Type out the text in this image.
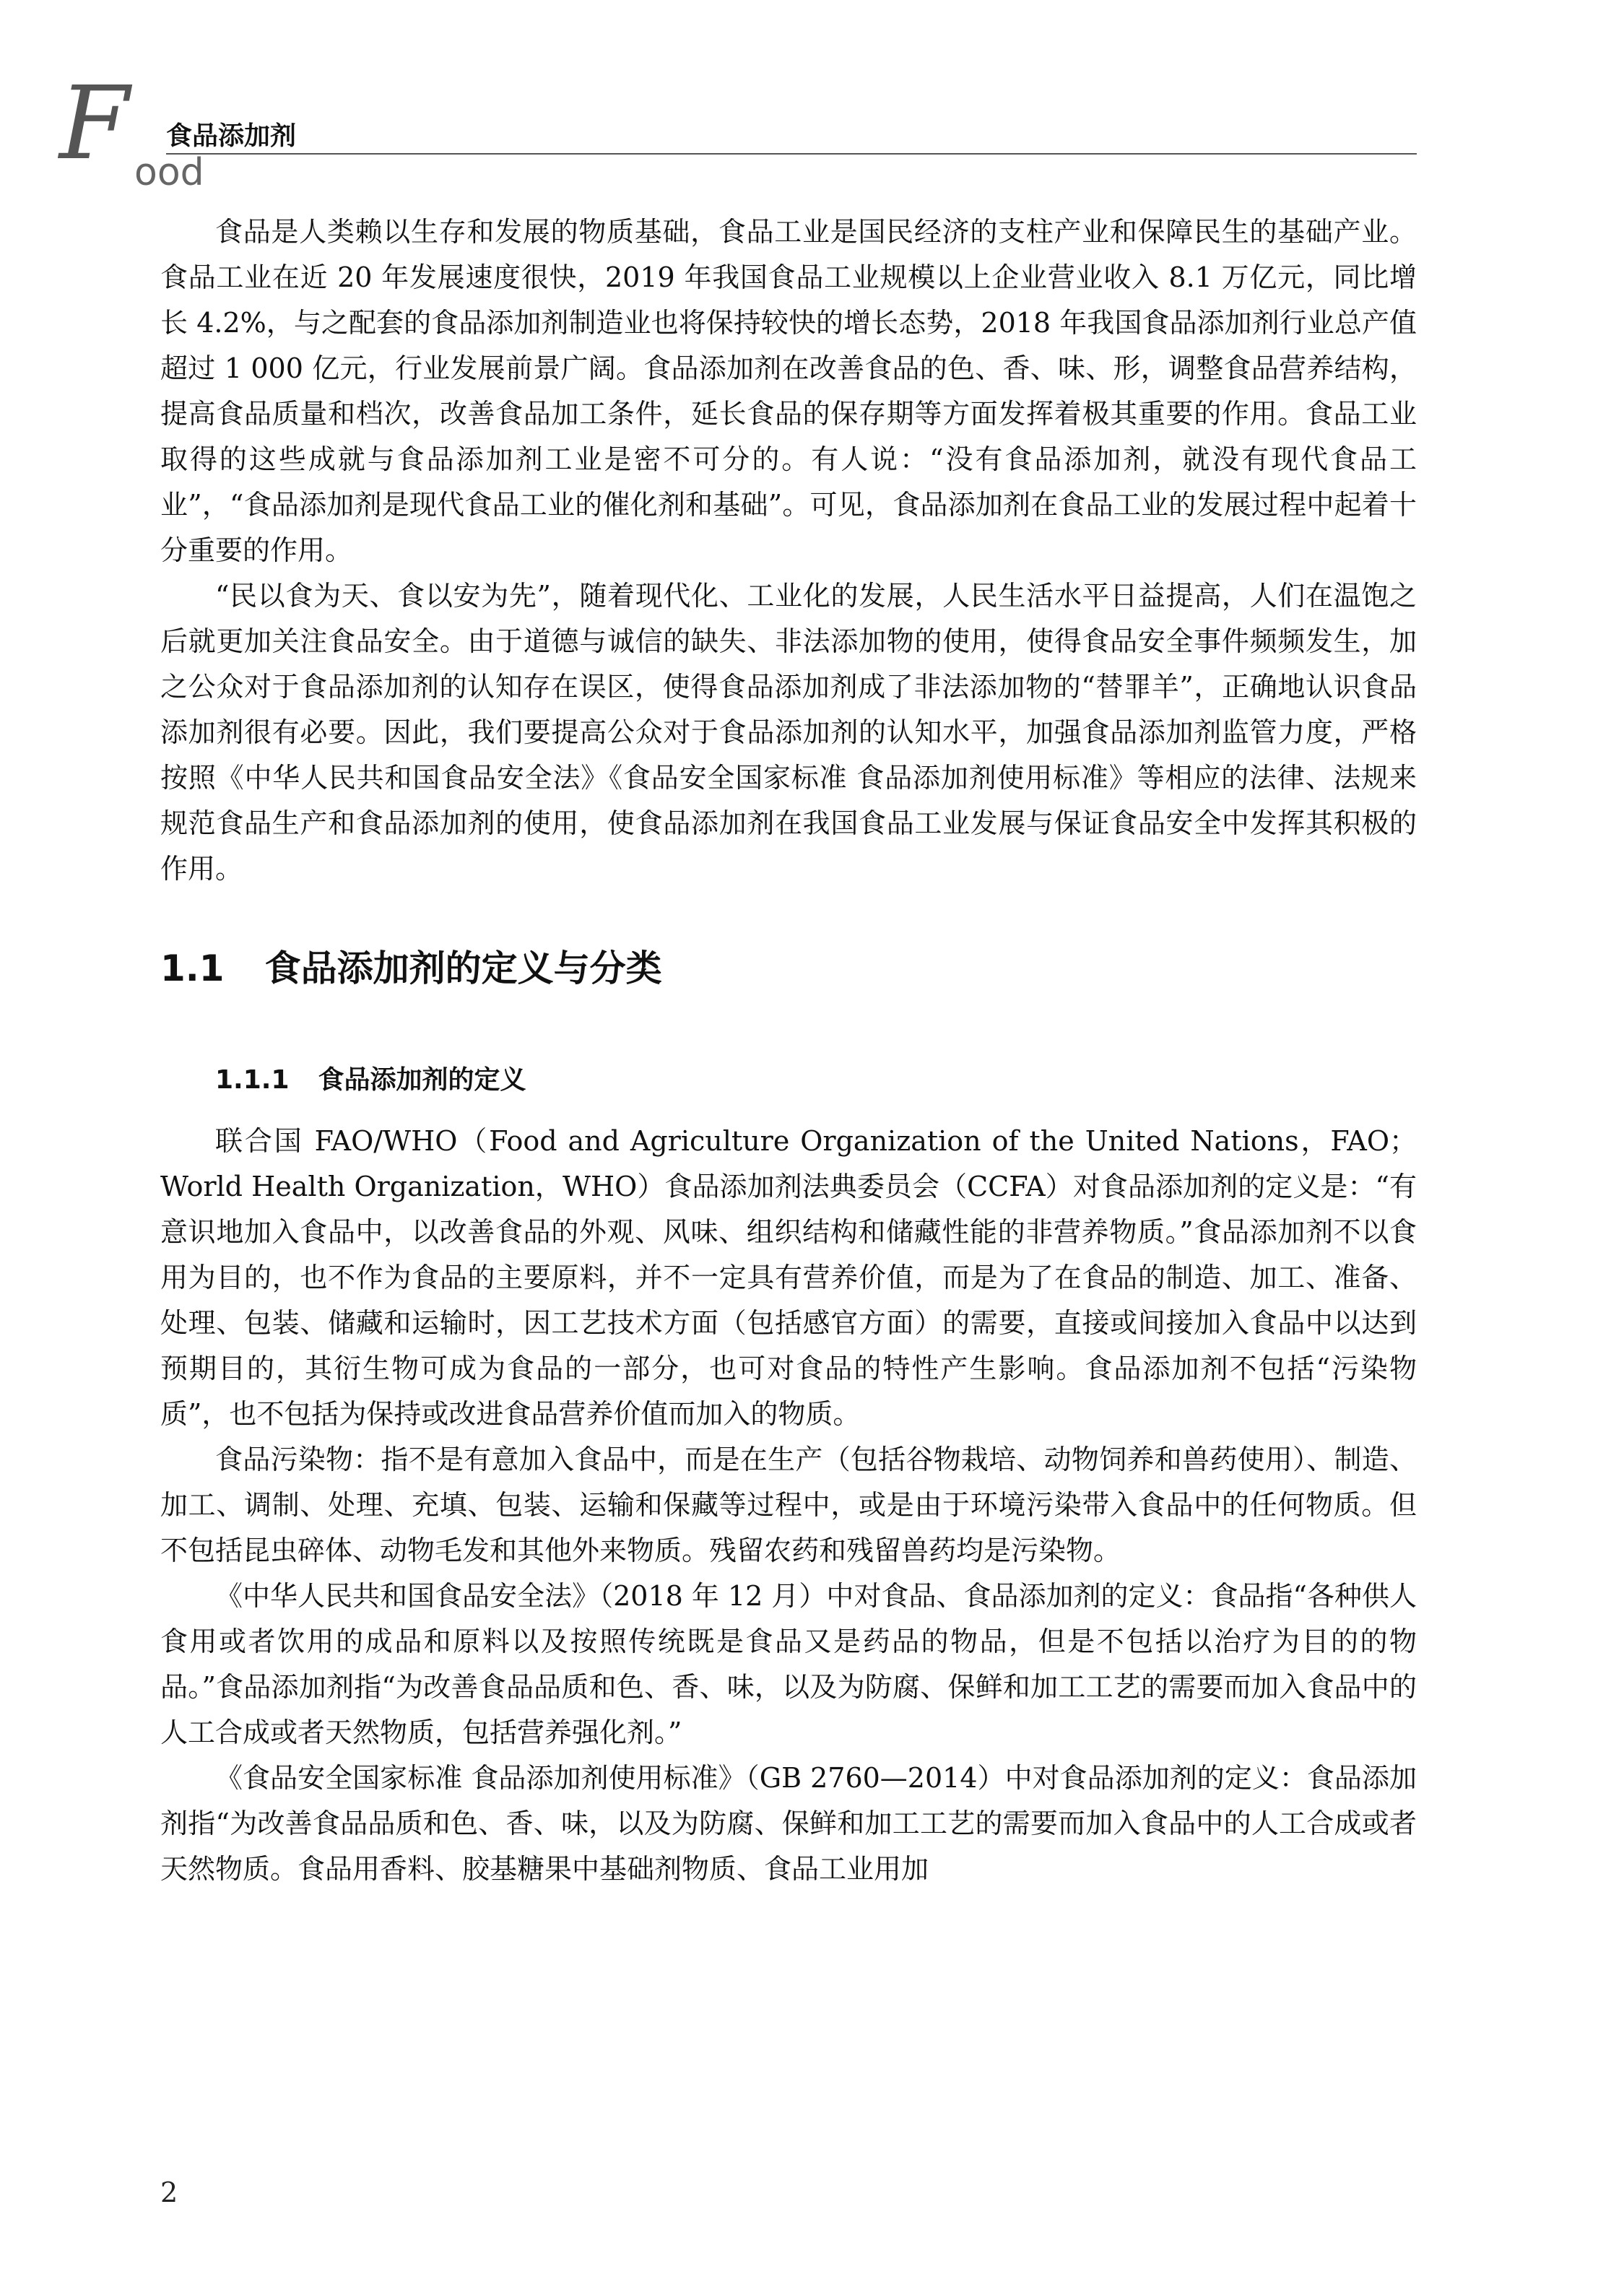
F ood
食品添加剂

食品是人类赖以生存和发展的物质基础，食品工业是国民经济的支柱产业和保障民生的基础产业。食品工业在近 20 年发展速度很快，2019 年我国食品工业规模以上企业营业收入 8.1 万亿元，同比增长 4.2%，与之配套的食品添加剂制造业也将保持较快的增长态势，2018 年我国食品添加剂行业总产值超过 1 000 亿元，行业发展前景广阔。食品添加剂在改善食品的色、香、味、形，调整食品营养结构，提高食品质量和档次，改善食品加工条件，延长食品的保存期等方面发挥着极其重要的作用。食品工业取得的这些成就与食品添加剂工业是密不可分的。有人说：“没有食品添加剂，就没有现代食品工业”，“食品添加剂是现代食品工业的催化剂和基础”。可见，食品添加剂在食品工业的发展过程中起着十分重要的作用。

“民以食为天、食以安为先”，随着现代化、工业化的发展，人民生活水平日益提高，人们在温饱之后就更加关注食品安全。由于道德与诚信的缺失、非法添加物的使用，使得食品安全事件频频发生，加之公众对于食品添加剂的认知存在误区，使得食品添加剂成了非法添加物的“替罪羊”，正确地认识食品添加剂很有必要。因此，我们要提高公众对于食品添加剂的认知水平，加强食品添加剂监管力度，严格按照《中华人民共和国食品安全法》《食品安全国家标准 食品添加剂使用标准》等相应的法律、法规来规范食品生产和食品添加剂的使用，使食品添加剂在我国食品工业发展与保证食品安全中发挥其积极的作用。

1.1 食品添加剂的定义与分类
1.1.1 食品添加剂的定义

联合国 FAO/WHO（Food and Agriculture Organization of the United Nations，FAO；World Health Organization，WHO）食品添加剂法典委员会（CCFA）对食品添加剂的定义是：“有意识地加入食品中，以改善食品的外观、风味、组织结构和储藏性能的非营养物质。”食品添加剂不以食用为目的，也不作为食品的主要原料，并不一定具有营养价值，而是为了在食品的制造、加工、准备、处理、包装、储藏和运输时，因工艺技术方面（包括感官方面）的需要，直接或间接加入食品中以达到预期目的，其衍生物可成为食品的一部分，也可对食品的特性产生影响。食品添加剂不包括“污染物质”，也不包括为保持或改进食品营养价值而加入的物质。

食品污染物：指不是有意加入食品中，而是在生产（包括谷物栽培、动物饲养和兽药使用）、制造、加工、调制、处理、充填、包装、运输和保藏等过程中，或是由于环境污染带入食品中的任何物质。但不包括昆虫碎体、动物毛发和其他外来物质。残留农药和残留兽药均是污染物。

《中华人民共和国食品安全法》（2018 年 12 月）中对食品、食品添加剂的定义：食品指“各种供人食用或者饮用的成品和原料以及按照传统既是食品又是药品的物品，但是不包括以治疗为目的的物品。”食品添加剂指“为改善食品品质和色、香、味，以及为防腐、保鲜和加工工艺的需要而加入食品中的人工合成或者天然物质，包括营养强化剂。”

《食品安全国家标准 食品添加剂使用标准》（GB 2760—2014）中对食品添加剂的定义：食品添加剂指“为改善食品品质和色、香、味，以及为防腐、保鲜和加工工艺的需要而加入食品中的人工合成或者天然物质。食品用香料、胶基糖果中基础剂物质、食品工业用加

2
